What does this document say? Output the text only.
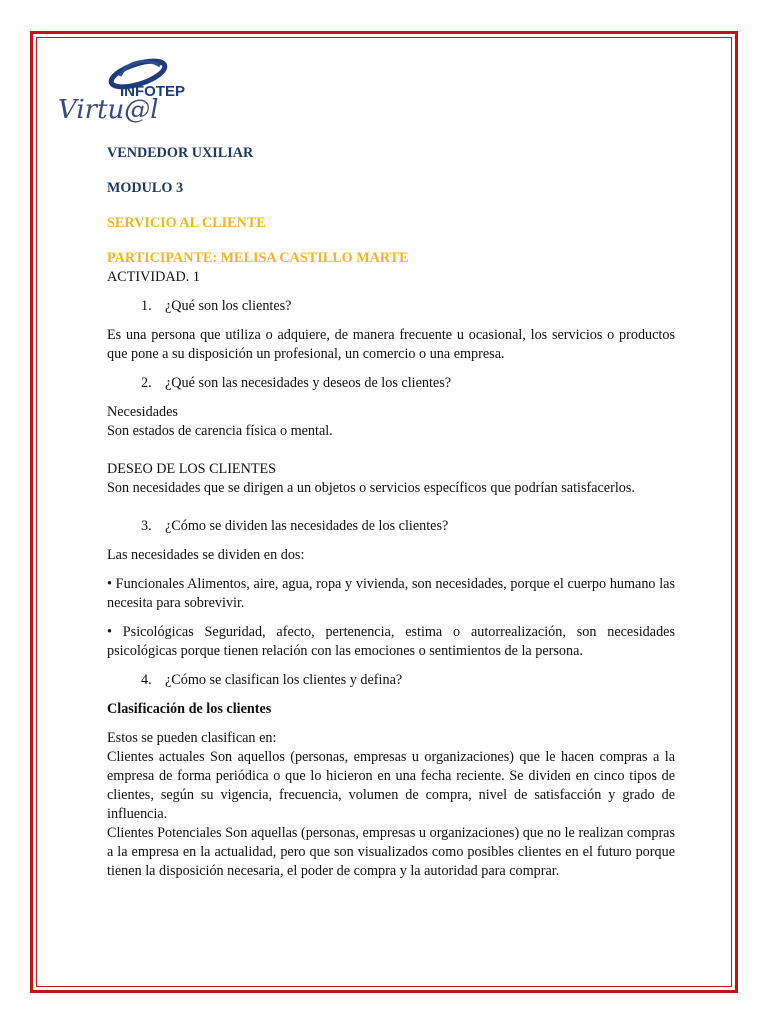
INFOTEP
Virtu@l

VENDEDOR UXILIAR

MODULO 3

SERVICIO AL CLIENTE

PARTICIPANTE: MELISA CASTILLO MARTE

ACTIVIDAD. 1

1. ¿Qué son los clientes?

Es una persona que utiliza o adquiere, de manera frecuente u ocasional, los servicios o productos que pone a su disposición un profesional, un comercio o una empresa.

2. ¿Qué son las necesidades y deseos de los clientes?

Necesidades

Son estados de carencia física o mental.

DESEO DE LOS CLIENTES

Son necesidades que se dirigen a un objetos o servicios específicos que podrían satisfacerlos.

3. ¿Cómo se dividen las necesidades de los clientes?

Las necesidades se dividen en dos:

• Funcionales Alimentos, aire, agua, ropa y vivienda, son necesidades, porque el cuerpo humano las necesita para sobrevivir.

• Psicológicas Seguridad, afecto, pertenencia, estima o autorrealización, son necesidades psicológicas porque tienen relación con las emociones o sentimientos de la persona.

4. ¿Cómo se clasifican los clientes y defina?

Clasificación de los clientes

Estos se pueden clasifican en:

Clientes actuales Son aquellos (personas, empresas u organizaciones) que le hacen compras a la empresa de forma periódica o que lo hicieron en una fecha reciente. Se dividen en cinco tipos de clientes, según su vigencia, frecuencia, volumen de compra, nivel de satisfacción y grado de influencia.

Clientes Potenciales Son aquellas (personas, empresas u organizaciones) que no le realizan compras a la empresa en la actualidad, pero que son visualizados como posibles clientes en el futuro porque tienen la disposición necesaria, el poder de compra y la autoridad para comprar.
